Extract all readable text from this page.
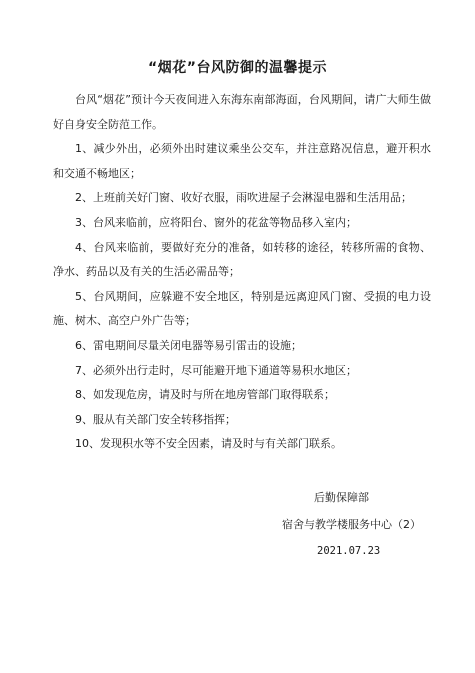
“烟花”台风防御的温馨提示

台风“烟花”预计今天夜间进入东海东南部海面，台风期间，请广大师生做好自身安全防范工作。

1、减少外出，必须外出时建议乘坐公交车，并注意路况信息，避开积水和交通不畅地区；

2、上班前关好门窗、收好衣服，雨吹进屋子会淋湿电器和生活用品；

3、台风来临前，应将阳台、窗外的花盆等物品移入室内；

4、台风来临前，要做好充分的准备，如转移的途径，转移所需的食物、净水、药品以及有关的生活必需品等；

5、台风期间，应躲避不安全地区，特别是远离迎风门窗、受损的电力设施、树木、高空户外广告等；

6、雷电期间尽量关闭电器等易引雷击的设施；

7、必须外出行走时，尽可能避开地下通道等易积水地区；

8、如发现危房，请及时与所在地房管部门取得联系；

9、服从有关部门安全转移指挥；

10、发现积水等不安全因素，请及时与有关部门联系。

后勤保障部
宿舍与教学楼服务中心（2）
2021.07.23
